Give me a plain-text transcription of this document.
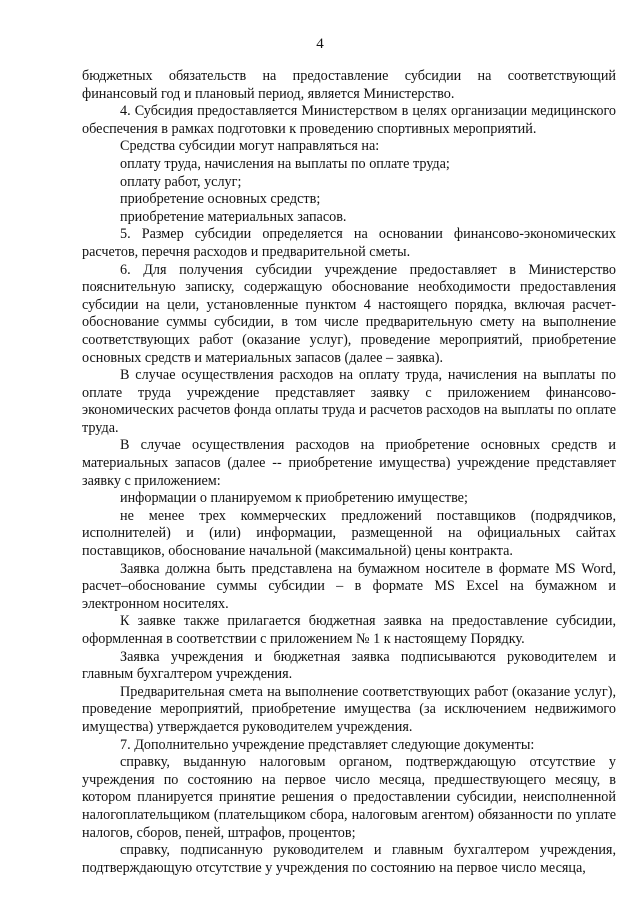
4

бюджетных обязательств на предоставление субсидии на соответствующий финансовый год и плановый период, является Министерство.

4. Субсидия предоставляется Министерством в целях организации медицинского обеспечения в рамках подготовки к проведению спортивных мероприятий.

Средства субсидии могут направляться на:

оплату труда, начисления на выплаты по оплате труда;

оплату работ, услуг;

приобретение основных средств;

приобретение материальных запасов.

5. Размер субсидии определяется на основании финансово-экономических расчетов, перечня расходов и предварительной сметы.

6. Для получения субсидии учреждение предоставляет в Министерство пояснительную записку, содержащую обоснование необходимости предоставления субсидии на цели, установленные пунктом 4 настоящего порядка, включая расчет-обоснование суммы субсидии, в том числе предварительную смету на выполнение соответствующих работ (оказание услуг), проведение мероприятий, приобретение основных средств и материальных запасов (далее – заявка).

В случае осуществления расходов на оплату труда, начисления на выплаты по оплате труда учреждение представляет заявку с приложением финансово-экономических расчетов фонда оплаты труда и расчетов расходов на выплаты по оплате труда.

В случае осуществления расходов на приобретение основных средств и материальных запасов (далее -- приобретение имущества) учреждение представляет заявку с приложением:

информации о планируемом к приобретению имуществе;

не менее трех коммерческих предложений поставщиков (подрядчиков, исполнителей) и (или) информации, размещенной на официальных сайтах поставщиков, обоснование начальной (максимальной) цены контракта.

Заявка должна быть представлена на бумажном носителе в формате MS Word, расчет–обоснование суммы субсидии – в формате MS Excel на бумажном и электронном носителях.

К заявке также прилагается бюджетная заявка на предоставление субсидии, оформленная в соответствии с приложением № 1 к настоящему Порядку.

Заявка учреждения и бюджетная заявка подписываются руководителем и главным бухгалтером учреждения.

Предварительная смета на выполнение соответствующих работ (оказание услуг), проведение мероприятий, приобретение имущества (за исключением недвижимого имущества) утверждается руководителем учреждения.

7. Дополнительно учреждение представляет следующие документы:

справку, выданную налоговым органом, подтверждающую отсутствие у учреждения по состоянию на первое число месяца, предшествующего месяцу, в котором планируется принятие решения о предоставлении субсидии, неисполненной налогоплательщиком (плательщиком сбора, налоговым агентом) обязанности по уплате налогов, сборов, пеней, штрафов, процентов;

справку, подписанную руководителем и главным бухгалтером учреждения, подтверждающую отсутствие у учреждения по состоянию на первое число месяца,
